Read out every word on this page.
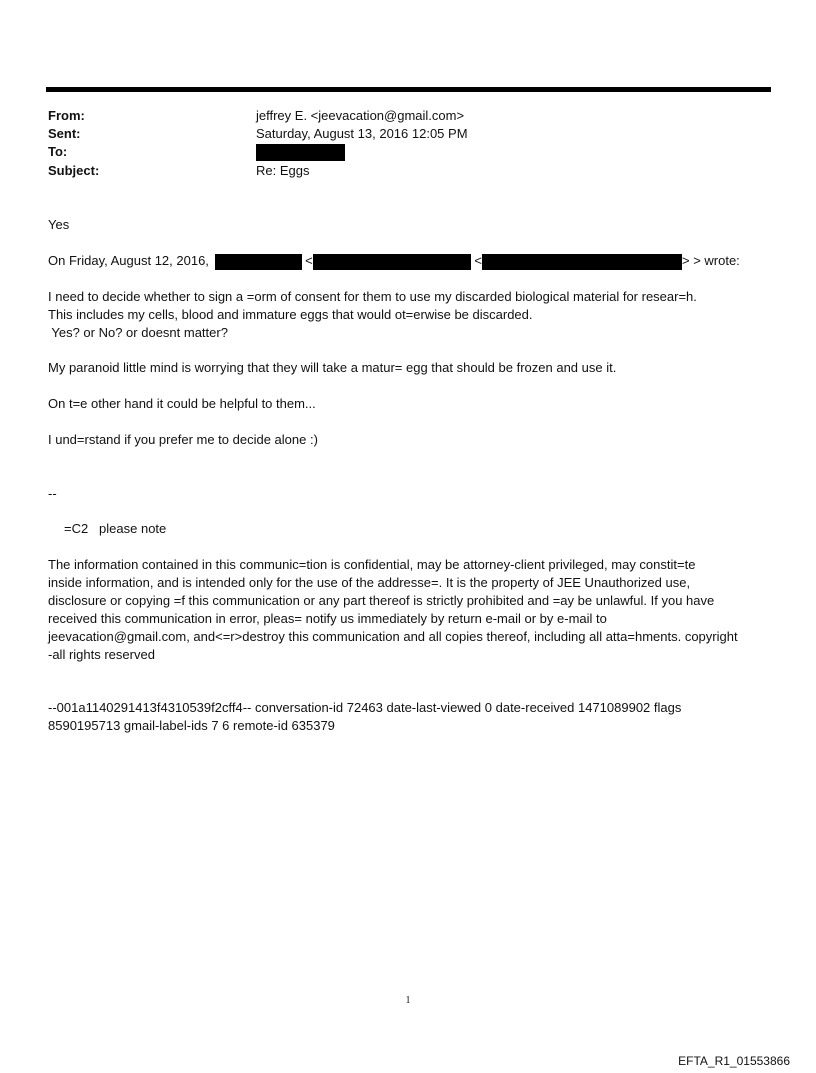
From:	jeffrey E. <jeevacation@gmail.com>
Sent:	Saturday, August 13, 2016 12:05 PM
To:
Subject:	Re: Eggs
Yes
On Friday, August 12, 2016,	<	<	> > wrote:
I need to decide whether to sign a =orm of consent for them to use my discarded biological material for resear=h.
This includes my cells, blood and immature eggs that would ot=erwise be discarded.
Yes? or No? or doesnt matter?
My paranoid little mind is worrying that they will take a matur= egg that should be frozen and use it.
On t=e other hand it could be helpful to them...
I und=rstand if you prefer me to decide alone :)
--
=C2   please note
The information contained in this communic=tion is confidential, may be attorney-client privileged, may constit=te
inside information, and is intended only for the use of the addresse=. It is the property of JEE Unauthorized use,
disclosure or copying =f this communication or any part thereof is strictly prohibited and =ay be unlawful. If you have
received this communication in error, pleas= notify us immediately by return e-mail or by e-mail to
jeevacation@gmail.com, and<=r>destroy this communication and all copies thereof, including all atta=hments. copyright
-all rights reserved
--001a1140291413f4310539f2cff4-- conversation-id 72463 date-last-viewed 0 date-received 1471089902 flags
8590195713 gmail-label-ids 7 6 remote-id 635379
1
EFTA_R1_01553866
